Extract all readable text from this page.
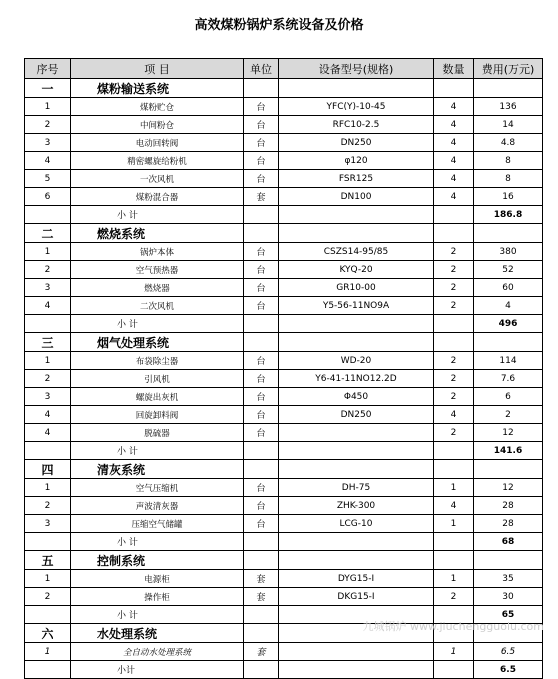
高效煤粉锅炉系统设备及价格
序号	项 目	单位	设备型号(规格)	数量	费用(万元)
一	煤粉输送系统				
1	煤粉贮仓	台	YFC(Y)-10-45	4	136
2	中间粉仓	台	RFC10-2.5	4	14
3	电动回转阀	台	DN250	4	4.8
4	精密螺旋给粉机	台	φ120	4	8
5	一次风机	台	FSR125	4	8
6	煤粉混合器	套	DN100	4	16
	小 计				186.8
二	燃烧系统				
1	锅炉本体	台	CSZS14-95/85	2	380
2	空气预热器	台	KYQ-20	2	52
3	燃烧器	台	GR10-00	2	60
4	二次风机	台	Y5-56-11NO9A	2	4
	小 计				496
三	烟气处理系统				
1	布袋除尘器	台	WD-20	2	114
2	引风机	台	Y6-41-11NO12.2D	2	7.6
3	螺旋出灰机	台	Φ450	2	6
4	回旋卸料阀	台	DN250	4	2
4	脱硫器	台		2	12
	小 计				141.6
四	清灰系统				
1	空气压缩机	台	DH-75	1	12
2	声波清灰器	台	ZHK-300	4	28
3	压缩空气储罐	台	LCG-10	1	28
	小 计				68
五	控制系统				
1	电源柜	套	DYG15-I	1	35
2	操作柜	套	DKG15-I	2	30
	小 计				65
六	水处理系统				
1	全自动水处理系统	套		1	6.5
	小计				6.5
九城锅炉 www.jiuchengguolu.com
